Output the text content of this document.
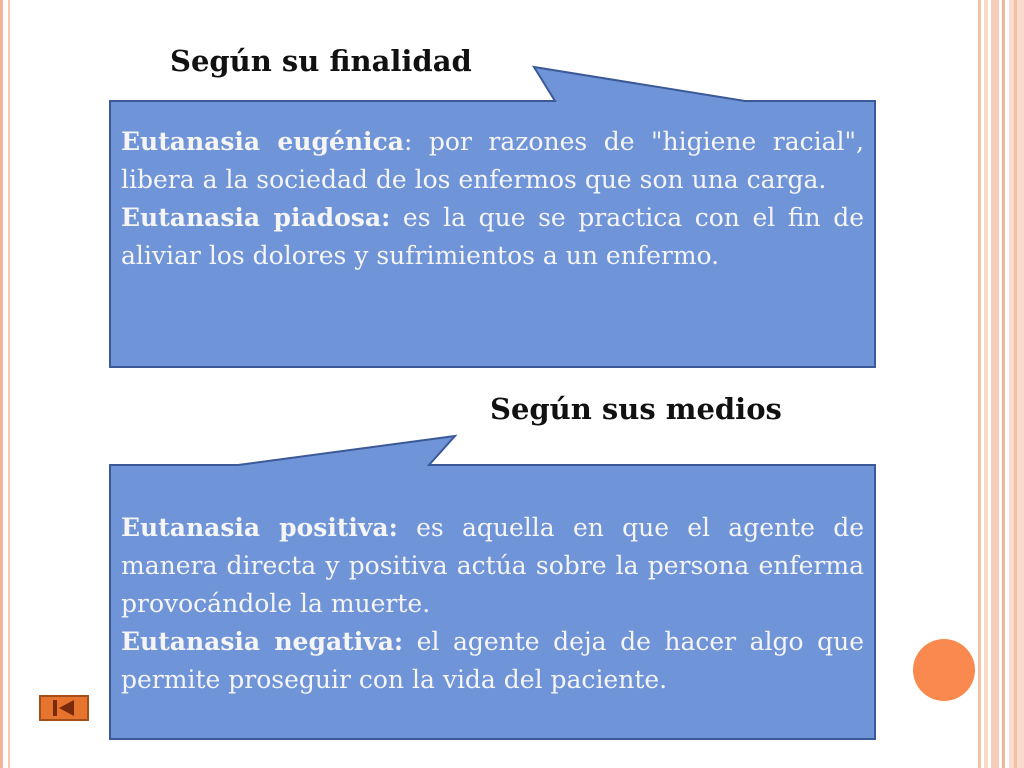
Según su finalidad
Según sus medios
Eutanasia eugénica: por razones de "higiene racial", libera a la sociedad de los enfermos que son una carga.
Eutanasia piadosa: es la que se practica con el fin de aliviar los dolores y sufrimientos a un enfermo.
Eutanasia positiva: es aquella en que el agente de manera directa y positiva actúa sobre la persona enferma provocándole la muerte.
Eutanasia negativa: el agente deja de hacer algo que permite proseguir con la vida del paciente.
